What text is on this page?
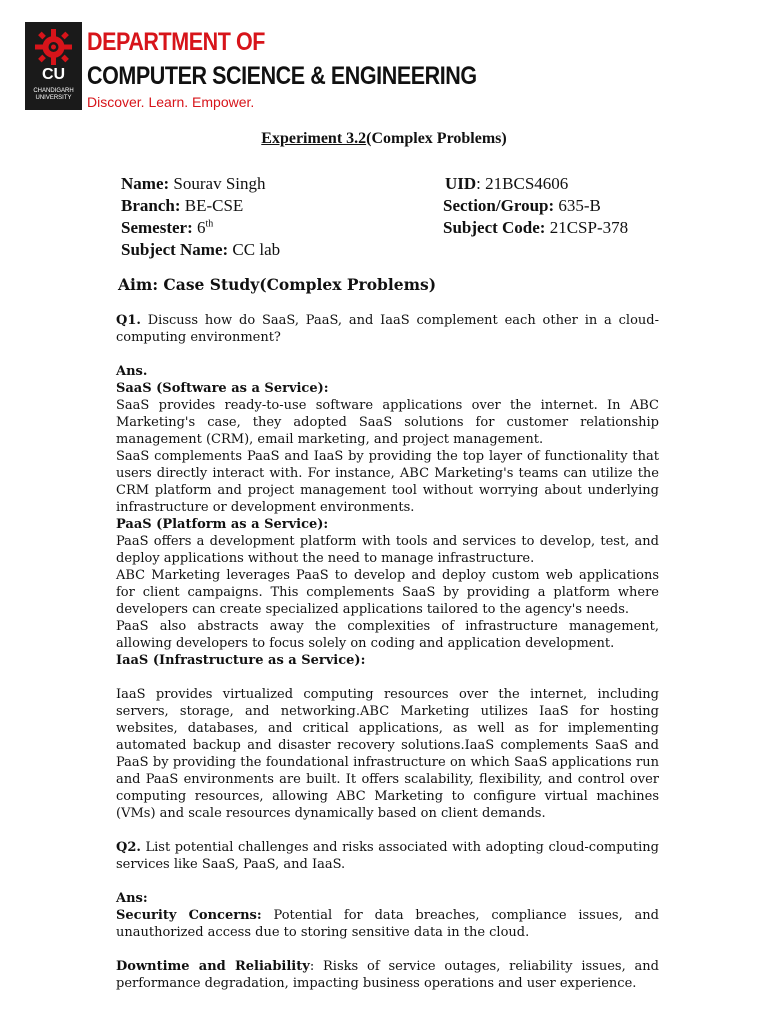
CU
CHANDIGARH UNIVERSITY
DEPARTMENT OF
COMPUTER SCIENCE & ENGINEERING
Discover. Learn. Empower.
Experiment 3.2(Complex Problems)
Name: Sourav Singh	UID: 21BCS4606
Branch: BE-CSE	Section/Group: 635-B
Semester: 6th	Subject Code: 21CSP-378
Subject Name: CC lab
Aim: Case Study(Complex Problems)

Q1. Discuss how do SaaS, PaaS, and IaaS complement each other in a cloud-computing environment?

Ans.

SaaS (Software as a Service):

SaaS provides ready-to-use software applications over the internet. In ABC Marketing's case, they adopted SaaS solutions for customer relationship management (CRM), email marketing, and project management.

SaaS complements PaaS and IaaS by providing the top layer of functionality that users directly interact with. For instance, ABC Marketing's teams can utilize the CRM platform and project management tool without worrying about underlying infrastructure or development environments.

PaaS (Platform as a Service):

PaaS offers a development platform with tools and services to develop, test, and deploy applications without the need to manage infrastructure.

ABC Marketing leverages PaaS to develop and deploy custom web applications for client campaigns. This complements SaaS by providing a platform where developers can create specialized applications tailored to the agency's needs.

PaaS also abstracts away the complexities of infrastructure management, allowing developers to focus solely on coding and application development.

IaaS (Infrastructure as a Service):

IaaS provides virtualized computing resources over the internet, including servers, storage, and networking.ABC Marketing utilizes IaaS for hosting websites, databases, and critical applications, as well as for implementing automated backup and disaster recovery solutions.IaaS complements SaaS and PaaS by providing the foundational infrastructure on which SaaS applications run and PaaS environments are built. It offers scalability, flexibility, and control over computing resources, allowing ABC Marketing to configure virtual machines (VMs) and scale resources dynamically based on client demands.

Q2. List potential challenges and risks associated with adopting cloud-computing services like SaaS, PaaS, and IaaS.

Ans:

Security Concerns: Potential for data breaches, compliance issues, and unauthorized access due to storing sensitive data in the cloud.

Downtime and Reliability: Risks of service outages, reliability issues, and performance degradation, impacting business operations and user experience.
